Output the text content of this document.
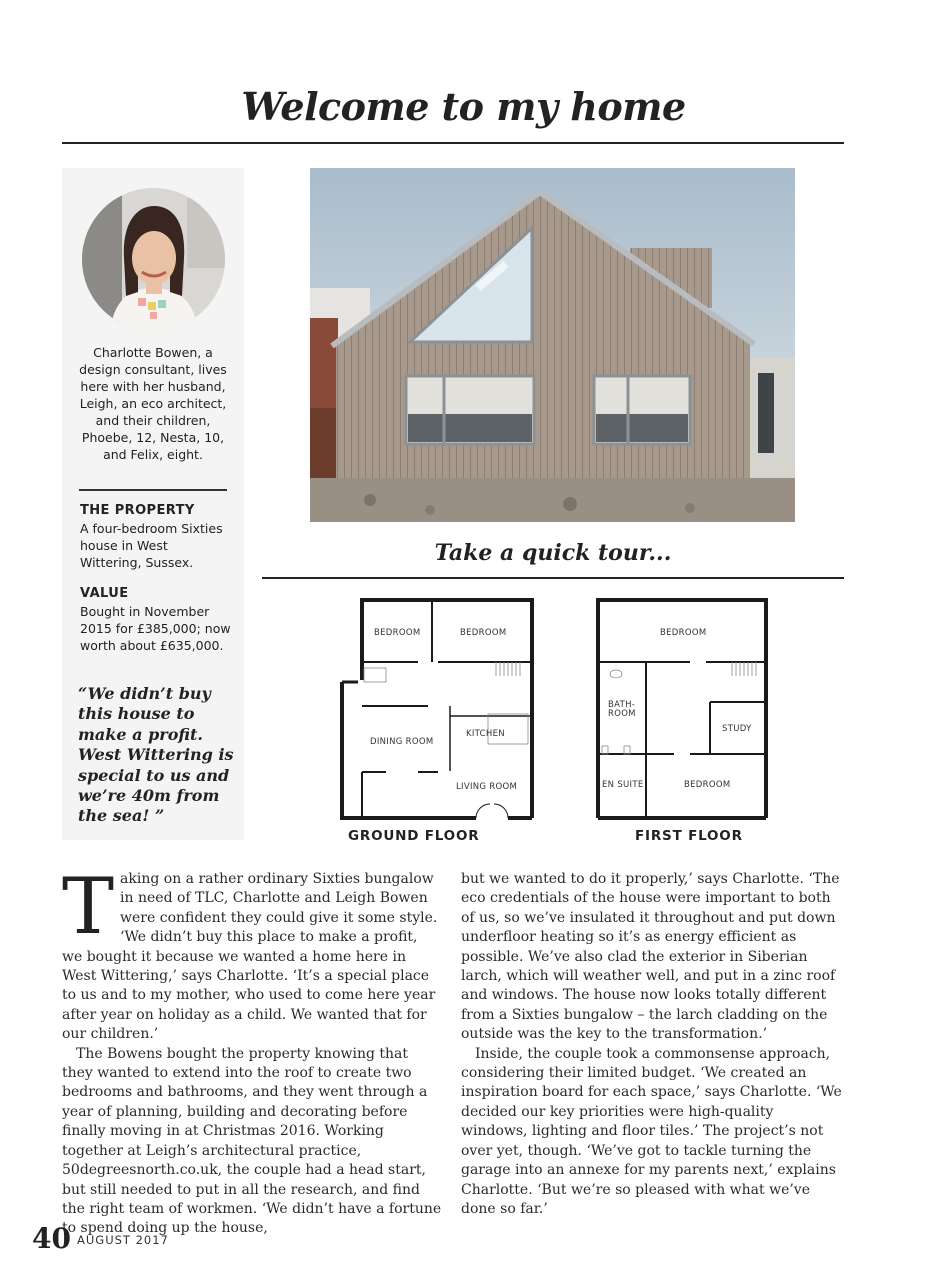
Welcome to my home
Charlotte Bowen, a design consultant, lives here with her husband, Leigh, an eco architect, and their children, Phoebe, 12, Nesta, 10, and Felix, eight.
THE PROPERTY
A four-bedroom Sixties house in West Wittering, Sussex.
VALUE
Bought in November 2015 for £385,000; now worth about £635,000.
“We didn’t buy this house to make a profit. West Wittering is special to us and we’re 40m from the sea! ”
Take a quick tour...
BEDROOM	BEDROOM
DINING ROOM
KITCHEN
LIVING ROOM
GROUND FLOOR
BEDROOM
BATH-
ROOM
STUDY
EN SUITE	BEDROOM
FIRST FLOOR

Taking on a rather ordinary Sixties bungalow in need of TLC, Charlotte and Leigh Bowen were confident they could give it some style. ‘We didn’t buy this place to make a profit, we bought it because we wanted a home here in West Wittering,’ says Charlotte. ‘It’s a special place to us and to my mother, who used to come here year after year on holiday as a child. We wanted that for our children.’

The Bowens bought the property knowing that they wanted to extend into the roof to create two bedrooms and bathrooms, and they went through a year of planning, building and decorating before finally moving in at Christmas 2016. Working together at Leigh’s architectural practice, 50degreesnorth.co.uk, the couple had a head start, but still needed to put in all the research, and find the right team of workmen. ‘We didn’t have a fortune to spend doing up the house,

but we wanted to do it properly,’ says Charlotte. ‘The eco credentials of the house were important to both of us, so we’ve insulated it throughout and put down underfloor heating so it’s as energy efficient as possible. We’ve also clad the exterior in Siberian larch, which will weather well, and put in a zinc roof and windows. The house now looks totally different from a Sixties bungalow – the larch cladding on the outside was the key to the transformation.’

Inside, the couple took a commonsense approach, considering their limited budget. ‘We created an inspiration board for each space,’ says Charlotte. ‘We decided our key priorities were high-quality windows, lighting and floor tiles.’ The project’s not over yet, though. ‘We’ve got to tackle turning the garage into an annexe for my parents next,’ explains Charlotte. ‘But we’re so pleased with what we’ve done so far.’

40 AUGUST 2017
